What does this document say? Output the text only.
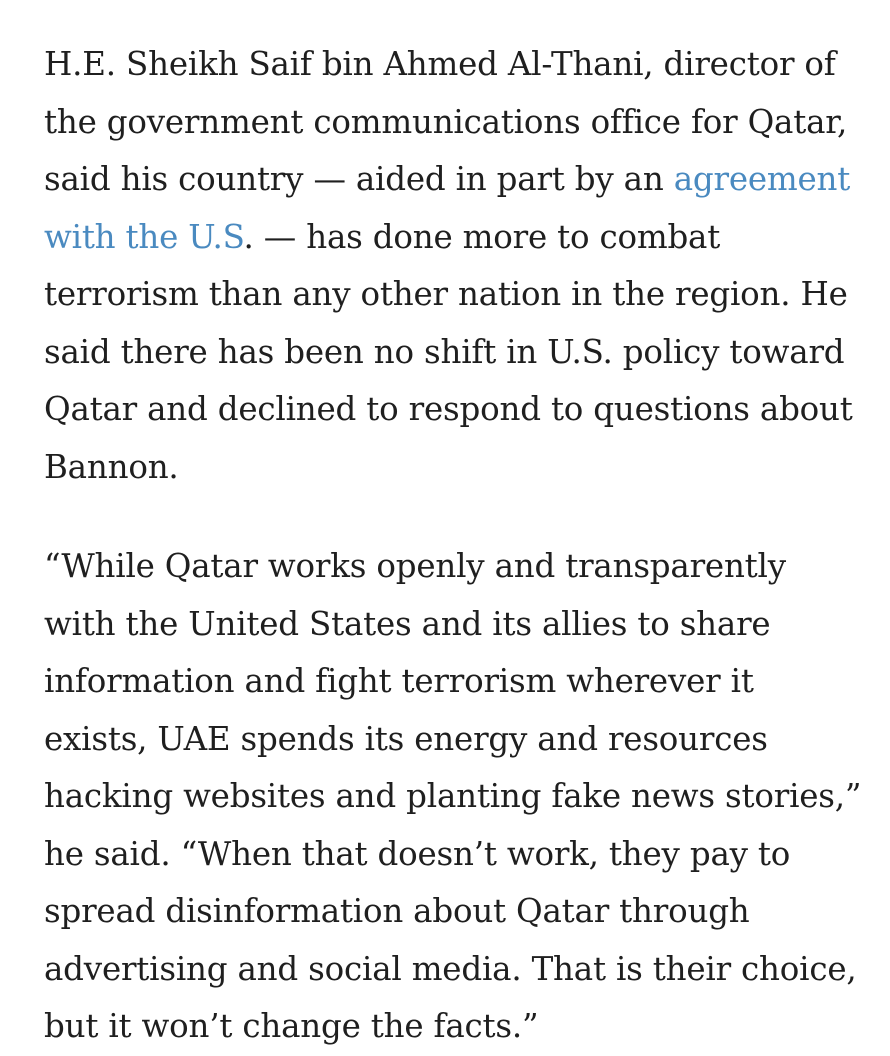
H.E. Sheikh Saif bin Ahmed Al-Thani, director of
the government communications office for Qatar,
said his country — aided in part by an agreement
with the U.S. — has done more to combat
terrorism than any other nation in the region. He
said there has been no shift in U.S. policy toward
Qatar and declined to respond to questions about
Bannon.

“While Qatar works openly and transparently
with the United States and its allies to share
information and fight terrorism wherever it
exists, UAE spends its energy and resources
hacking websites and planting fake news stories,”
he said. “When that doesn’t work, they pay to
spread disinformation about Qatar through
advertising and social media. That is their choice,
but it won’t change the facts.”
